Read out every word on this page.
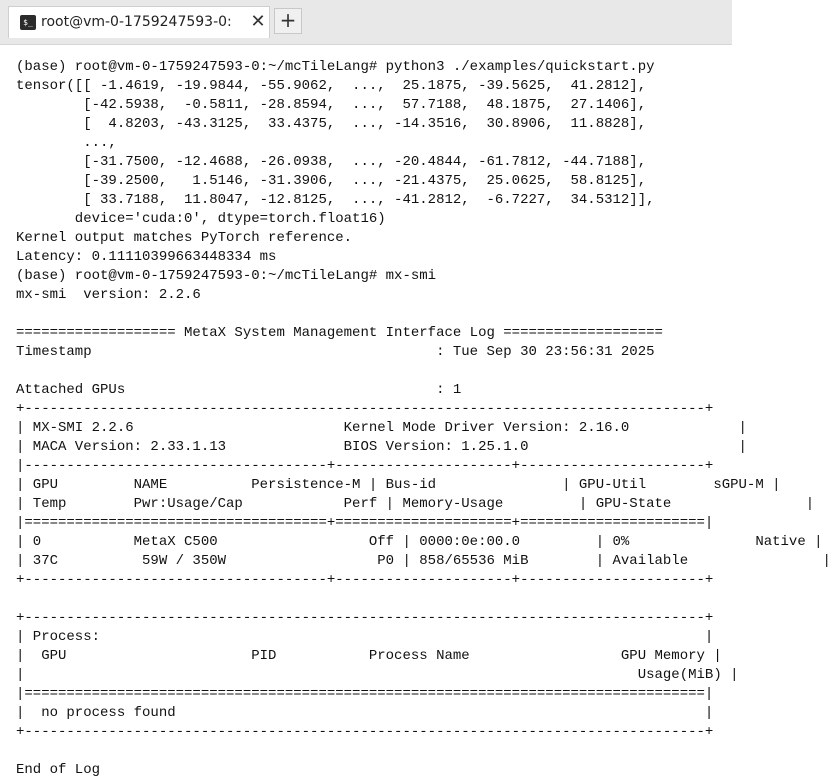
$_ root@vm-0-1759247593-0: ✕ +
(base) root@vm-0-1759247593-0:~/mcTileLang# python3 ./examples/quickstart.py
tensor([[ -1.4619, -19.9844, -55.9062,  ...,  25.1875, -39.5625,  41.2812],
[-42.5938,  -0.5811, -28.8594,  ...,  57.7188,  48.1875,  27.1406],
[  4.8203, -43.3125,  33.4375,  ..., -14.3516,  30.8906,  11.8828],
...,
[-31.7500, -12.4688, -26.0938,  ..., -20.4844, -61.7812, -44.7188],
[-39.2500,   1.5146, -31.3906,  ..., -21.4375,  25.0625,  58.8125],
[ 33.7188,  11.8047, -12.8125,  ..., -41.2812,  -6.7227,  34.5312]],
device='cuda:0', dtype=torch.float16)
Kernel output matches PyTorch reference.
Latency: 0.11110399663448334 ms
(base) root@vm-0-1759247593-0:~/mcTileLang# mx-smi
mx-smi  version: 2.2.6
=================== MetaX System Management Interface Log ===================
Timestamp                                         : Tue Sep 30 23:56:31 2025
Attached GPUs                                     : 1
+---------------------------------------------------------------------------------+
| MX-SMI 2.2.6                         Kernel Mode Driver Version: 2.16.0             |
| MACA Version: 2.33.1.13              BIOS Version: 1.25.1.0                         |
|------------------------------------+---------------------+----------------------+
| GPU         NAME          Persistence-M | Bus-id               | GPU-Util        sGPU-M |
| Temp        Pwr:Usage/Cap            Perf | Memory-Usage         | GPU-State                |
|====================================+=====================+======================|
| 0           MetaX C500                  Off | 0000:0e:00.0         | 0%               Native |
| 37C          59W / 350W                  P0 | 858/65536 MiB        | Available                |
+------------------------------------+---------------------+----------------------+
+---------------------------------------------------------------------------------+
| Process:                                                                        |
|  GPU                      PID           Process Name                  GPU Memory |
|                                                                         Usage(MiB) |
|=================================================================================|
|  no process found                                                               |
+---------------------------------------------------------------------------------+
End of Log
